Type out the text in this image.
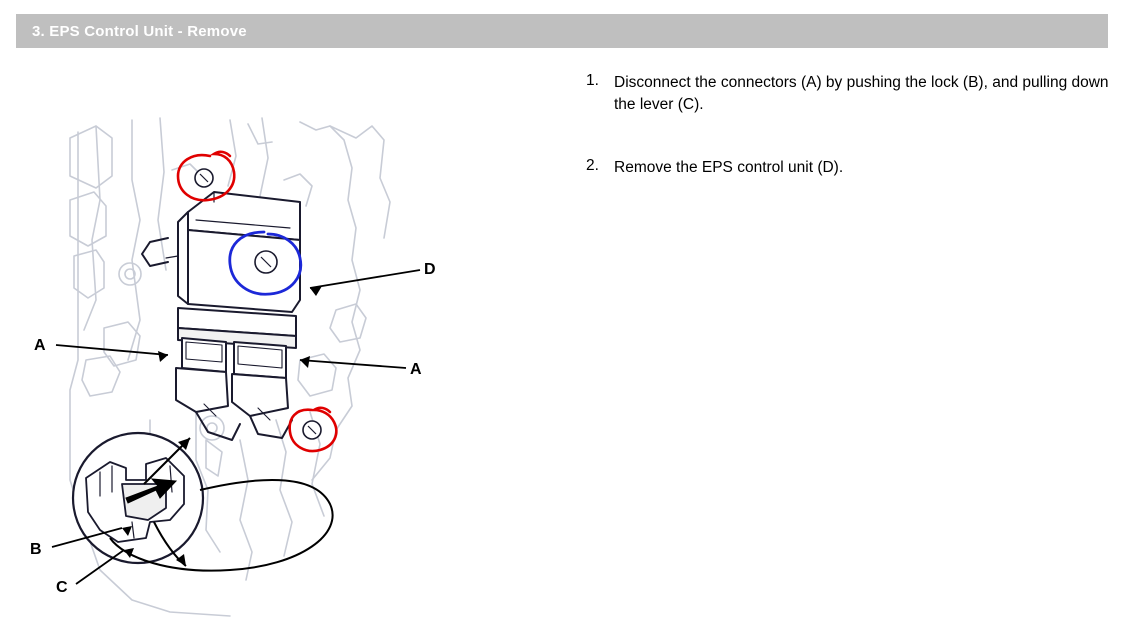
3. EPS Control Unit - Remove
1. Disconnect the connectors (A) by pushing the lock (B), and pulling down the lever (C).
2. Remove the EPS control unit (D).
D
A
A
B
C
